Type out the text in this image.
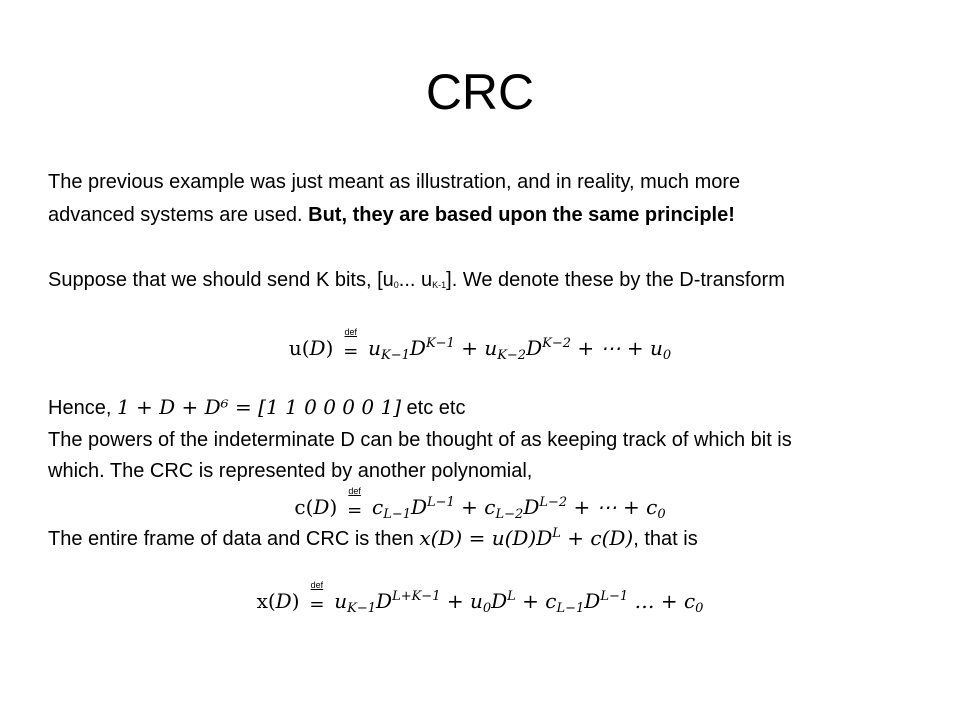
CRC
The previous example was just meant as illustration, and in reality, much more
advanced systems are used. But, they are based upon the same principle!
Suppose that we should send K bits, [u0... uK-1]. We denote these by the D-transform
u(D)
def
= $u_{K-1}D^{K-1} + u_{K-2}D^{K-2}$ + ⋯ + $u_0$
Hence, 1 + D + D⁶ = [1 1 0 0 0 0 1] etc etc
The powers of the indeterminate D can be thought of as keeping track of which bit is
which. The CRC is represented by another polynomial,
c(D)
def
= $c_{L-1}D^{L-1} + c_{L-2}D^{L-2}$ + ⋯ + $c_0$
The entire frame of data and CRC is then $x(D) = u(D)D^L + c(D)$, that is
x(D)
def
= $u_{K-1}D^{L+K-1} + u_0D^L + c_{L-1}D^{L-1}$ … + $c_0$
